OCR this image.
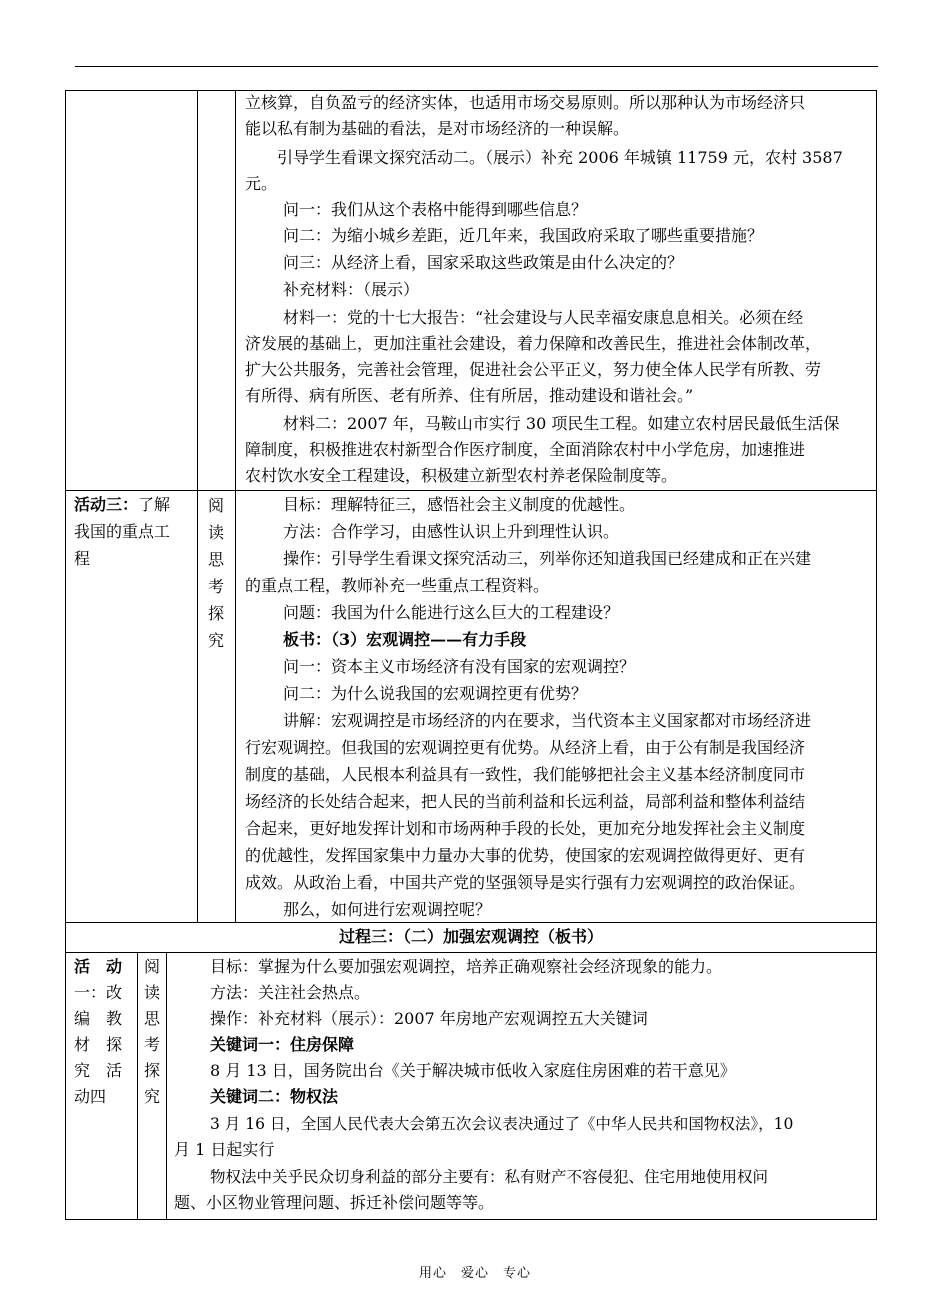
立核算，自负盈亏的经济实体，也适用市场交易原则。所以那种认为市场经济只
能以私有制为基础的看法，是对市场经济的一种误解。
引导学生看课文探究活动二。（展示）补充 2006 年城镇 11759 元，农村 3587
元。
问一：我们从这个表格中能得到哪些信息？
问二：为缩小城乡差距，近几年来，我国政府采取了哪些重要措施？
问三：从经济上看，国家采取这些政策是由什么决定的？
补充材料：（展示）
材料一：党的十七大报告：“社会建设与人民幸福安康息息相关。必须在经
济发展的基础上，更加注重社会建设，着力保障和改善民生，推进社会体制改革，
扩大公共服务，完善社会管理，促进社会公平正义，努力使全体人民学有所教、劳
有所得、病有所医、老有所养、住有所居，推动建设和谐社会。”
材料二：2007 年，马鞍山市实行 30 项民生工程。如建立农村居民最低生活保
障制度，积极推进农村新型合作医疗制度，全面消除农村中小学危房，加速推进
农村饮水安全工程建设，积极建立新型农村养老保险制度等。
活动三：了解
我国的重点工
程
阅
读
思
考
探
究
目标：理解特征三，感悟社会主义制度的优越性。
方法：合作学习，由感性认识上升到理性认识。
操作：引导学生看课文探究活动三，列举你还知道我国已经建成和正在兴建
的重点工程，教师补充一些重点工程资料。
问题：我国为什么能进行这么巨大的工程建设？
板书：（3）宏观调控——有力手段
问一：资本主义市场经济有没有国家的宏观调控？
问二：为什么说我国的宏观调控更有优势？
讲解：宏观调控是市场经济的内在要求，当代资本主义国家都对市场经济进
行宏观调控。但我国的宏观调控更有优势。从经济上看，由于公有制是我国经济
制度的基础，人民根本利益具有一致性，我们能够把社会主义基本经济制度同市
场经济的长处结合起来，把人民的当前利益和长远利益，局部利益和整体利益结
合起来，更好地发挥计划和市场两种手段的长处，更加充分地发挥社会主义制度
的优越性，发挥国家集中力量办大事的优势，使国家的宏观调控做得更好、更有
成效。从政治上看，中国共产党的坚强领导是实行强有力宏观调控的政治保证。
那么，如何进行宏观调控呢？
过程三：（二）加强宏观调控（板书）
活　动
一：改
编　教
材　探
究　活
动四
阅
读
思
考
探
究
目标：掌握为什么要加强宏观调控，培养正确观察社会经济现象的能力。
方法：关注社会热点。
操作：补充材料（展示）：2007 年房地产宏观调控五大关键词
关键词一：住房保障
8 月 13 日，国务院出台《关于解决城市低收入家庭住房困难的若干意见》
关键词二：物权法
3 月 16 日，全国人民代表大会第五次会议表决通过了《中华人民共和国物权法》，10
月 1 日起实行
物权法中关乎民众切身利益的部分主要有：私有财产不容侵犯、住宅用地使用权问
题、小区物业管理问题、拆迁补偿问题等等。
用心　爱心　专心
